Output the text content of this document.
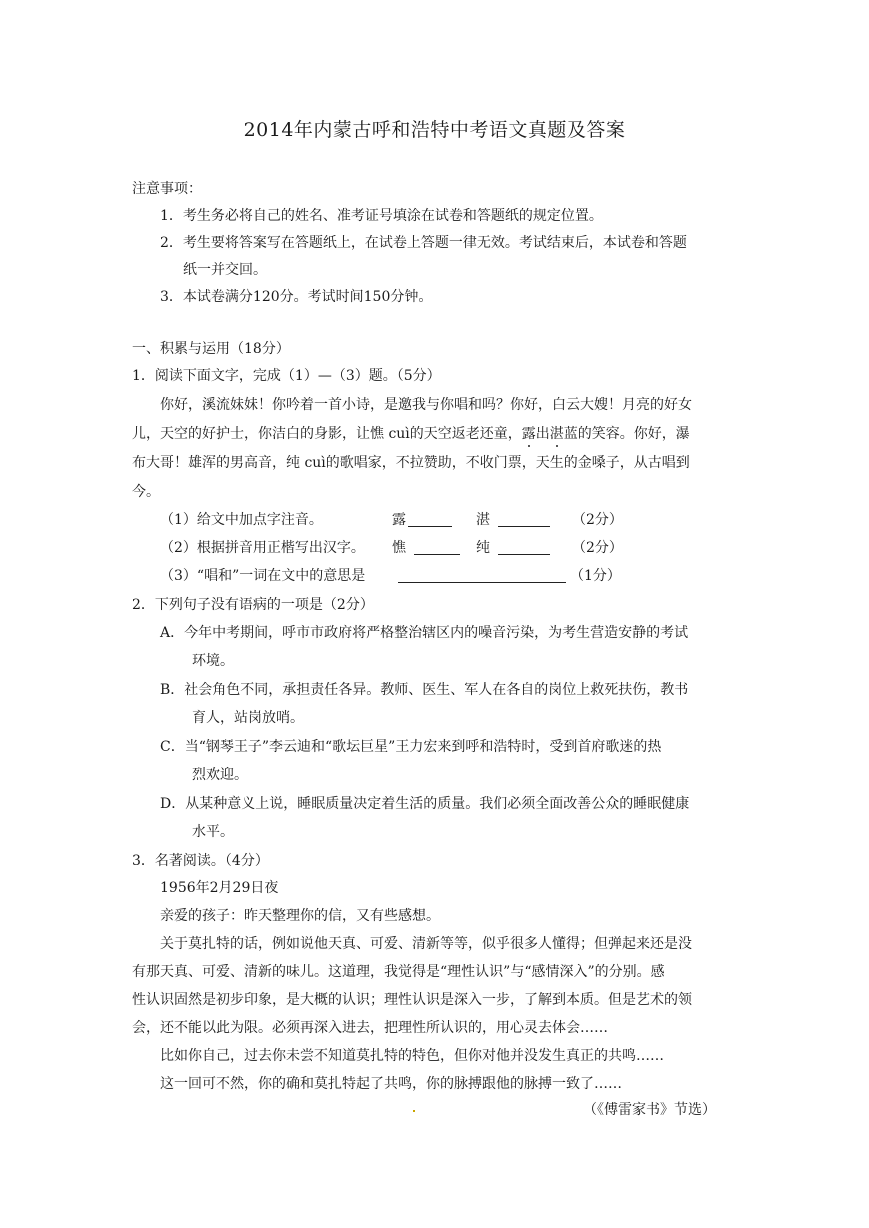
2014年内蒙古呼和浩特中考语文真题及答案
注意事项：
1．考生务必将自己的姓名、准考证号填涂在试卷和答题纸的规定位置。
2．考生要将答案写在答题纸上，在试卷上答题一律无效。考试结束后，本试卷和答题
纸一并交回。
3．本试卷满分120分。考试时间150分钟。
一、积累与运用（18分）
1．阅读下面文字，完成（1）—（3）题。（5分）
你好，溪流妹妹！你吟着一首小诗，是邀我与你唱和吗？你好，白云大嫂！月亮的好女
儿，天空的好护士，你洁白的身影，让憔 cuì的天空返老还童，露出湛蓝的笑容。你好，瀑
布大哥！雄浑的男高音，纯 cuì的歌唱家，不拉赞助，不收门票，天生的金嗓子，从古唱到
今。
（1）给文中加点字注音。	露	湛	（2分）
（2）根据拼音用正楷写出汉字。 憔	纯	（2分）
（3）“唱和”一词在文中的意思是	（1分）
2．下列句子没有语病的一项是（2分）
A．今年中考期间，呼市市政府将严格整治辖区内的噪音污染，为考生营造安静的考试
环境。
B．社会角色不同，承担责任各异。教师、医生、军人在各自的岗位上救死扶伤，教书
育人，站岗放哨。
C．当“钢琴王子”李云迪和“歌坛巨星”王力宏来到呼和浩特时，受到首府歌迷的热
烈欢迎。
D．从某种意义上说，睡眠质量决定着生活的质量。我们必须全面改善公众的睡眠健康
水平。
3．名著阅读。（4分）
1956年2月29日夜
亲爱的孩子：昨天整理你的信，又有些感想。
关于莫扎特的话，例如说他天真、可爱、清新等等，似乎很多人懂得；但弹起来还是没
有那天真、可爱、清新的味儿。这道理，我觉得是“理性认识”与“感情深入”的分别。感
性认识固然是初步印象，是大概的认识；理性认识是深入一步，了解到本质。但是艺术的领
会，还不能以此为限。必须再深入进去，把理性所认识的，用心灵去体会……
比如你自己，过去你未尝不知道莫扎特的特色，但你对他并没发生真正的共鸣……
这一回可不然，你的确和莫扎特起了共鸣，你的脉搏跟他的脉搏一致了……
（《傅雷家书》节选）
